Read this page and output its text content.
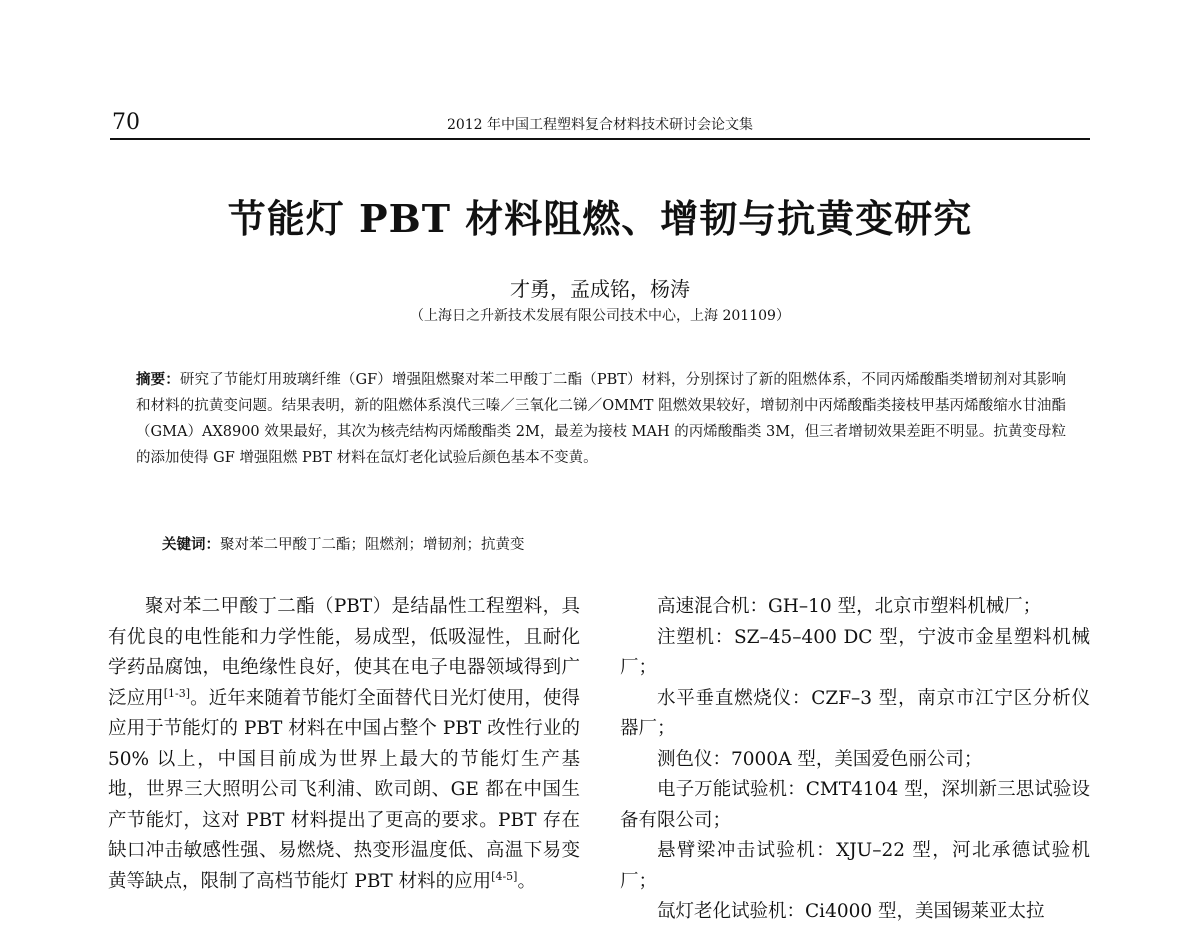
70	2012 年中国工程塑料复合材料技术研讨会论文集
节能灯 PBT 材料阻燃、增韧与抗黄变研究
才勇，孟成铭，杨涛
（上海日之升新技术发展有限公司技术中心，上海 201109）
摘要：研究了节能灯用玻璃纤维（GF）增强阻燃聚对苯二甲酸丁二酯（PBT）材料，分别探讨了新的阻燃体系，不同丙烯酸酯类增韧剂对其影响和材料的抗黄变问题。结果表明，新的阻燃体系溴代三嗪／三氧化二锑／OMMT 阻燃效果较好，增韧剂中丙烯酸酯类接枝甲基丙烯酸缩水甘油酯（GMA）AX8900 效果最好，其次为核壳结构丙烯酸酯类 2M，最差为接枝 MAH 的丙烯酸酯类 3M，但三者增韧效果差距不明显。抗黄变母粒的添加使得 GF 增强阻燃 PBT 材料在氙灯老化试验后颜色基本不变黄。
关键词：聚对苯二甲酸丁二酯；阻燃剂；增韧剂；抗黄变

聚对苯二甲酸丁二酯（PBT）是结晶性工程塑料，具有优良的电性能和力学性能，易成型，低吸湿性，且耐化学药品腐蚀，电绝缘性良好，使其在电子电器领域得到广泛应用[1-3]。近年来随着节能灯全面替代日光灯使用，使得应用于节能灯的 PBT 材料在中国占整个 PBT 改性行业的 50% 以上，中国目前成为世界上最大的节能灯生产基地，世界三大照明公司飞利浦、欧司朗、GE 都在中国生产节能灯，这对 PBT 材料提出了更高的要求。PBT 存在缺口冲击敏感性强、易燃烧、热变形温度低、高温下易变黄等缺点，限制了高档节能灯 PBT 材料的应用[4-5]。

高速混合机：GH–10 型，北京市塑料机械厂；

注塑机：SZ–45–400 DC 型，宁波市金星塑料机械厂；

水平垂直燃烧仪：CZF–3 型，南京市江宁区分析仪器厂；

测色仪：7000A 型，美国爱色丽公司；

电子万能试验机：CMT4104 型，深圳新三思试验设备有限公司；

悬臂梁冲击试验机：XJU–22 型，河北承德试验机厂；

氙灯老化试验机：Ci4000 型，美国锡莱亚太拉
